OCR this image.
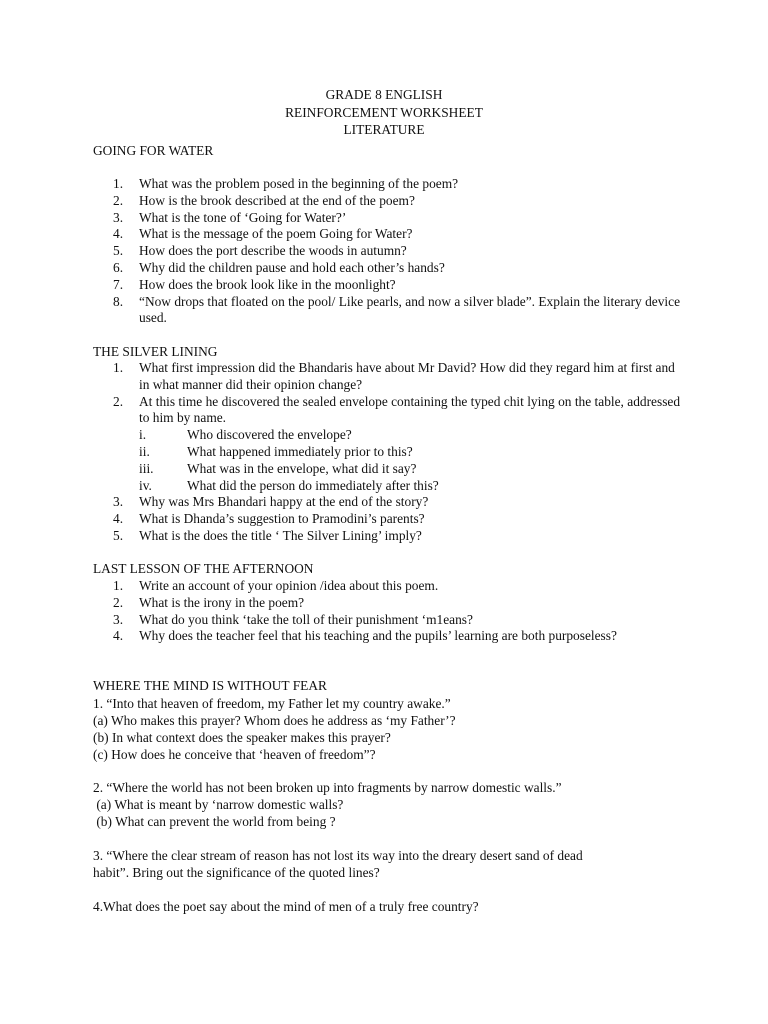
GRADE 8 ENGLISH
REINFORCEMENT WORKSHEET
LITERATURE
GOING FOR WATER
1. What was the problem posed in the beginning of the poem?
2. How is the brook described at the end of the poem?
3. What is the tone of ‘Going for Water?’
4. What is the message of the poem Going for Water?
5. How does the port describe the woods in autumn?
6. Why did the children pause and hold each other’s hands?
7. How does the brook look like in the moonlight?
8. “Now drops that floated on the pool/ Like pearls, and now a silver blade”. Explain the literary device used.
THE SILVER LINING
1. What first impression did the Bhandaris have about Mr David? How did they regard him at first and in what manner did their opinion change?
2. At this time he discovered the sealed envelope containing the typed chit lying on the table, addressed to him by name.
i.	Who discovered the envelope?
ii.	What happened immediately prior to this?
iii. What was in the envelope, what did it say?
iv.	What did the person do immediately after this?
3. Why was Mrs Bhandari happy at the end of the story?
4. What is Dhanda’s suggestion to Pramodini’s parents?
5. What is the does the title ‘ The Silver Lining’ imply?
LAST LESSON OF THE AFTERNOON
1. Write an account of your opinion /idea about this poem.
2. What is the irony in the poem?
3. What do you think ‘take the toll of their punishment ‘m1eans?
4. Why does the teacher feel that his teaching and the pupils’ learning are both purposeless?
WHERE THE MIND IS WITHOUT FEAR
1. “Into that heaven of freedom, my Father let my country awake.”
(a) Who makes this prayer? Whom does he address as ‘my Father’?
(b) In what context does the speaker makes this prayer?
(c) How does he conceive that ‘heaven of freedom”?
2. “Where the world has not been broken up into fragments by narrow domestic walls.”
(a) What is meant by ‘narrow domestic walls?
(b) What can prevent the world from being ?
3. “Where the clear stream of reason has not lost its way into the dreary desert sand of dead
habit”. Bring out the significance of the quoted lines?
4.What does the poet say about the mind of men of a truly free country?
